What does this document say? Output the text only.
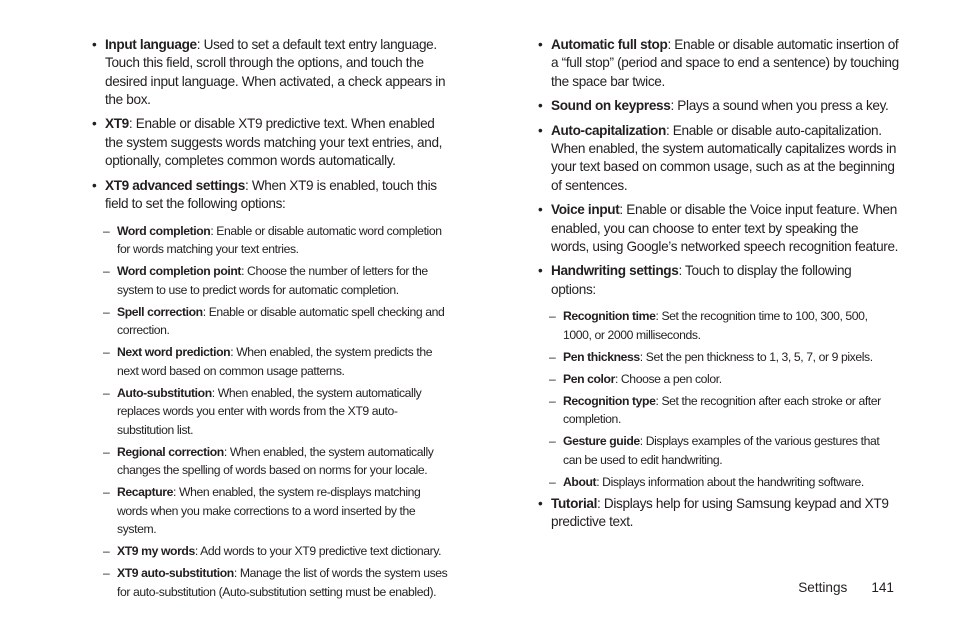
• Input language: Used to set a default text entry language. Touch this field, scroll through the options, and touch the desired input language. When activated, a check appears in the box.
• XT9: Enable or disable XT9 predictive text. When enabled the system suggests words matching your text entries, and, optionally, completes common words automatically.
• XT9 advanced settings: When XT9 is enabled, touch this field to set the following options:
– Word completion: Enable or disable automatic word completion for words matching your text entries.
– Word completion point: Choose the number of letters for the system to use to predict words for automatic completion.
– Spell correction: Enable or disable automatic spell checking and correction.
– Next word prediction: When enabled, the system predicts the next word based on common usage patterns.
– Auto-substitution: When enabled, the system automatically replaces words you enter with words from the XT9 auto-substitution list.
– Regional correction: When enabled, the system automatically changes the spelling of words based on norms for your locale.
– Recapture: When enabled, the system re-displays matching words when you make corrections to a word inserted by the system.
– XT9 my words: Add words to your XT9 predictive text dictionary.
– XT9 auto-substitution: Manage the list of words the system uses for auto-substitution (Auto-substitution setting must be enabled).
• Automatic full stop: Enable or disable automatic insertion of a “full stop” (period and space to end a sentence) by touching the space bar twice.
• Sound on keypress: Plays a sound when you press a key.
• Auto-capitalization: Enable or disable auto-capitalization. When enabled, the system automatically capitalizes words in your text based on common usage, such as at the beginning of sentences.
• Voice input: Enable or disable the Voice input feature. When enabled, you can choose to enter text by speaking the words, using Google’s networked speech recognition feature.
• Handwriting settings: Touch to display the following options:
– Recognition time: Set the recognition time to 100, 300, 500, 1000, or 2000 milliseconds.
– Pen thickness: Set the pen thickness to 1, 3, 5, 7, or 9 pixels.
– Pen color: Choose a pen color.
– Recognition type: Set the recognition after each stroke or after completion.
– Gesture guide: Displays examples of the various gestures that can be used to edit handwriting.
– About: Displays information about the handwriting software.
• Tutorial: Displays help for using Samsung keypad and XT9 predictive text.
Settings 141
